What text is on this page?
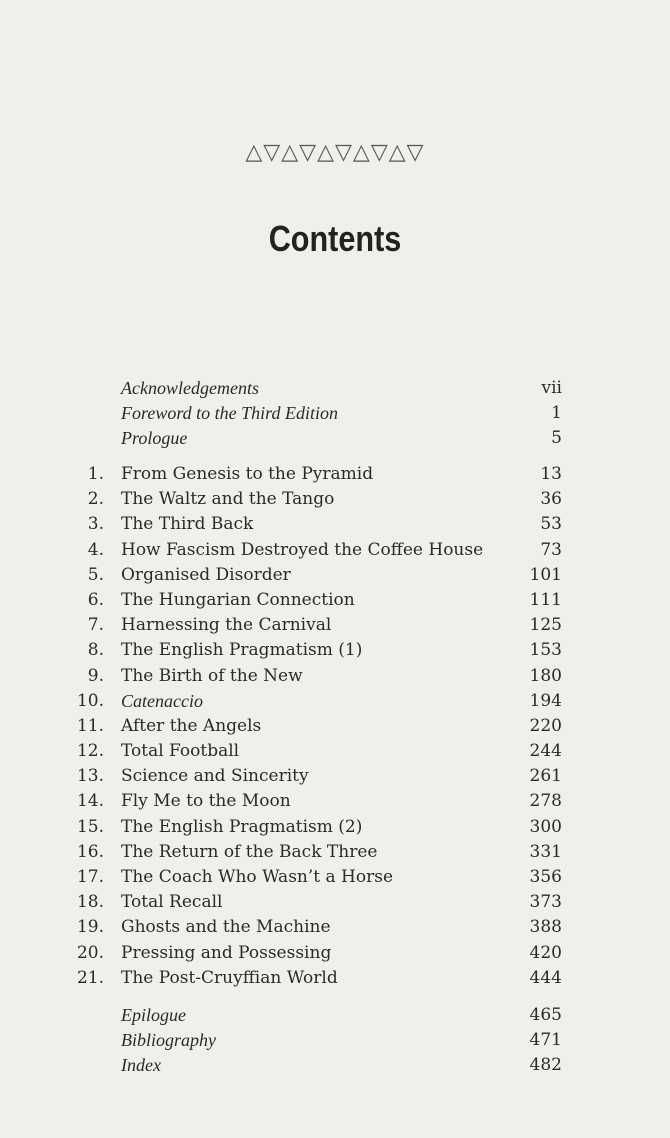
△▽△▽△▽△▽△▽
Contents
Acknowledgements	vii
Foreword to the Third Edition	1
Prologue	5
1. From Genesis to the Pyramid	13
2. The Waltz and the Tango	36
3. The Third Back	53
4. How Fascism Destroyed the Coffee House	73
5. Organised Disorder	101
6. The Hungarian Connection	111
7. Harnessing the Carnival	125
8. The English Pragmatism (1)	153
9. The Birth of the New	180
10. Catenaccio	194
11. After the Angels	220
12. Total Football	244
13. Science and Sincerity	261
14. Fly Me to the Moon	278
15. The English Pragmatism (2)	300
16. The Return of the Back Three	331
17. The Coach Who Wasn’t a Horse	356
18. Total Recall	373
19. Ghosts and the Machine	388
20. Pressing and Possessing	420
21. The Post-Cruyffian World	444
Epilogue	465
Bibliography	471
Index	482
